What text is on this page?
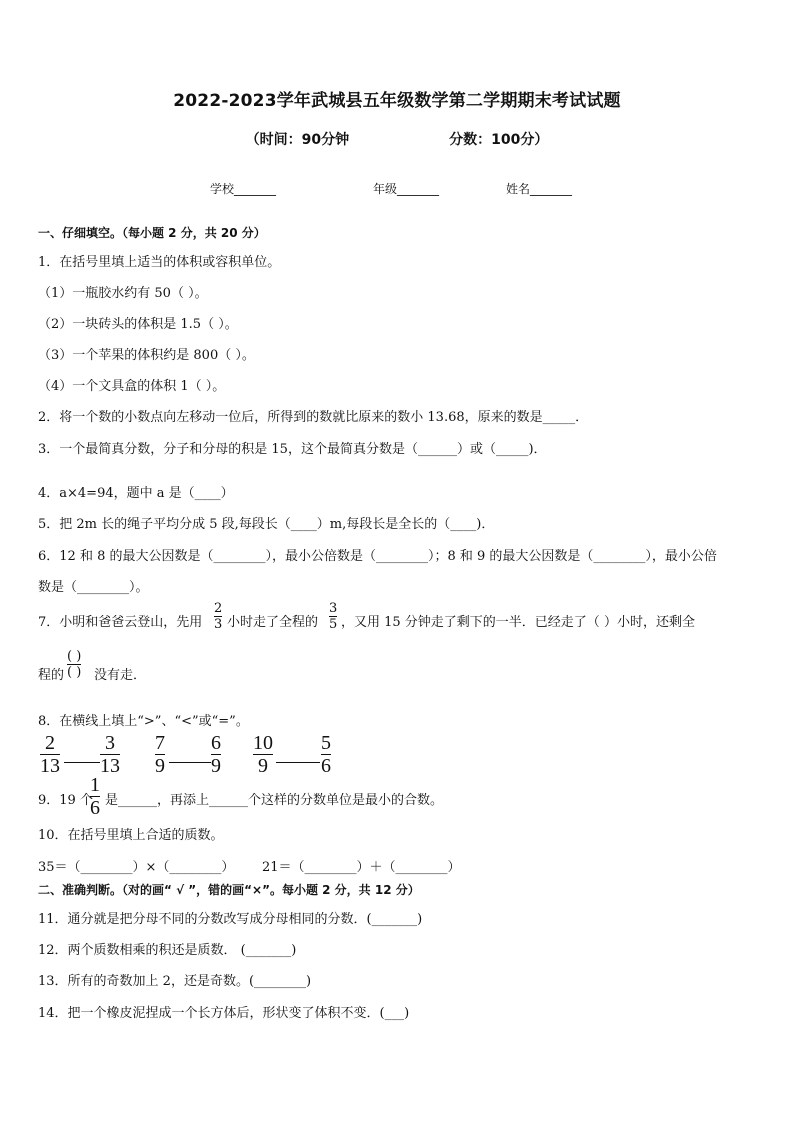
2022-2023学年武城县五年级数学第二学期期末考试试题
（时间：90分钟	分数：100分）
学校_______	年级_______	姓名_______
一、仔细填空。（每小题 2 分，共 20 分）
1．在括号里填上适当的体积或容积单位。
（1）一瓶胶水约有 50（ ）。
（2）一块砖头的体积是 1.5（ ）。
（3）一个苹果的体积约是 800（ ）。
（4）一个文具盒的体积 1（ ）。
2．将一个数的小数点向左移动一位后，所得到的数就比原来的数小 13.68，原来的数是_____．
3．一个最简真分数，分子和分母的积是 15，这个最简真分数是（______）或（_____)．
4．a×4=94，题中 a 是（____）
5．把 2m 长的绳子平均分成 5 段,每段长（____）m,每段长是全长的（____)．
6．12 和 8 的最大公因数是（________），最小公倍数是（________）；8 和 9 的最大公因数是（________），最小公倍
数是（________）。
7．小明和爸爸云登山，先用
2
3 小时走了全程的
3
5 ，又用 15 分钟走了剩下的一半．已经走了（ ）小时，还剩全
程的
( )
( ) 没有走．
8．在横线上填上“>”、“<”或“=”。
2
13
3
13
7
9
6
9
10
9
5
6
9．19 个
1
6 是______，再添上______个这样的分数单位是最小的合数。
10．在括号里填上合适的质数。
35＝（________）×（________） 21＝（________）＋（________）
二、准确判断。（对的画“ √ ”，错的画“×”。每小题 2 分，共 12 分）
11．通分就是把分母不同的分数改写成分母相同的分数．(_______)
12．两个质数相乘的积还是质数． (_______)
13．所有的奇数加上 2，还是奇数。(________)
14．把一个橡皮泥捏成一个长方体后，形状变了体积不变．(___)
